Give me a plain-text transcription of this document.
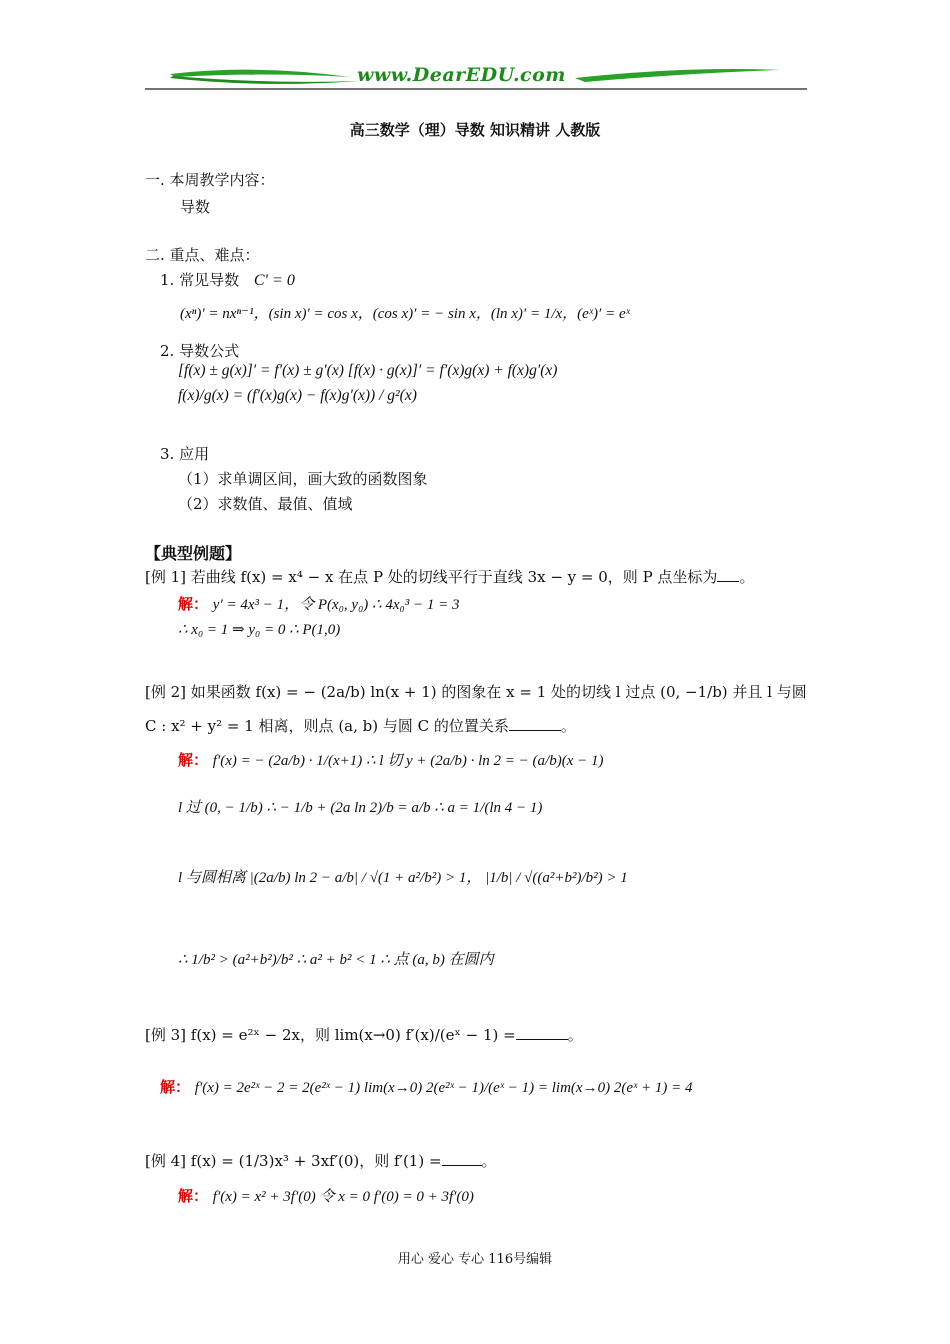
www.DearEDU.com
高三数学（理）导数 知识精讲 人教版
一. 本周教学内容：
导数
二. 重点、难点：
1. 常见导数 C′ = 0
(xⁿ)′ = nxⁿ⁻¹，(sin x)′ = cos x，(cos x)′ = − sin x，(ln x)′ = 1/x，(eˣ)′ = eˣ
2. 导数公式
[f(x) ± g(x)]′ = f′(x) ± g′(x) [f(x) · g(x)]′ = f′(x)g(x) + f(x)g′(x)
f(x)/g(x) = (f′(x)g(x) − f(x)g′(x)) / g²(x)
3. 应用
（1）求单调区间，画大致的函数图象
（2）求数值、最值、值域
【典型例题】
[例 1] 若曲线 f(x) = x⁴ − x 在点 P 处的切线平行于直线 3x − y = 0，则 P 点坐标为 。
解： y′ = 4x³ − 1，令 P(x₀, y₀) ∴ 4x₀³ − 1 = 3
∴ x₀ = 1 ⇒ y₀ = 0 ∴ P(1,0)
[例 2] 如果函数 f(x) = − (2a/b) ln(x + 1) 的图象在 x = 1 处的切线 l 过点 (0, −1/b) 并且 l 与圆
C : x² + y² = 1 相离，则点 (a, b) 与圆 C 的位置关系	。
解： f′(x) = − (2a/b) · 1/(x+1) ∴ l 切 y + (2a/b) · ln 2 = − (a/b)(x − 1)
l 过 (0, − 1/b) ∴ − 1/b + (2a ln 2)/b = a/b ∴ a = 1/(ln 4 − 1)
l 与圆相离 |(2a/b) ln 2 − a/b| / √(1 + a²/b²) > 1， |1/b| / √((a²+b²)/b²) > 1
∴ 1/b² > (a²+b²)/b² ∴ a² + b² < 1 ∴ 点 (a, b) 在圆内
[例 3] f(x) = e²ˣ − 2x，则 lim(x→0) f′(x)/(eˣ − 1) =	。
解： f′(x) = 2e²ˣ − 2 = 2(e²ˣ − 1) lim(x→0) 2(e²ˣ − 1)/(eˣ − 1) = lim(x→0) 2(eˣ + 1) = 4
[例 4] f(x) = (1/3)x³ + 3xf′(0)，则 f′(1) =	。
解： f′(x) = x² + 3f′(0) 令 x = 0 f′(0) = 0 + 3f′(0)
用心 爱心 专心 116号编辑
